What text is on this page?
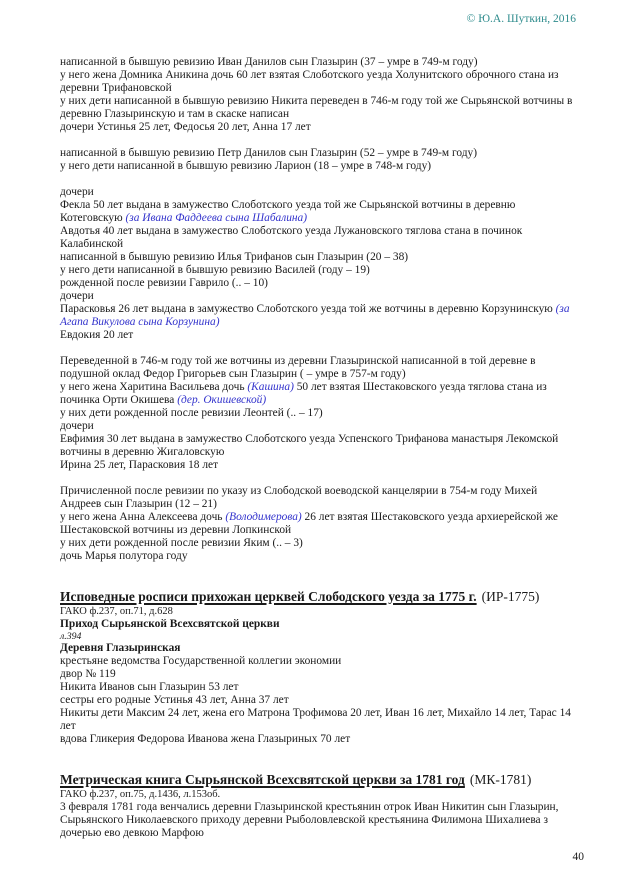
© Ю.А. Шуткин, 2016

написанной в бывшую ревизию Иван Данилов сын Глазырин (37 – умре в 749-м году)

у него жена Домника Аникина дочь 60 лет взятая Слоботского уезда Холунитского оброчного стана из деревни Трифановской

у них дети написанной в бывшую ревизию Никита переведен в 746-м году той же Сырьянской вотчины в деревню Глазыринскую и там в скаске написан

дочери Устинья 25 лет, Федосья 20 лет, Анна 17 лет

написанной в бывшую ревизию Петр Данилов сын Глазырин (52 – умре в 749-м году)

у него дети написанной в бывшую ревизию Ларион (18 – умре в 748-м году)

дочери

Фекла 50 лет выдана в замужество Слоботского уезда той же Сырьянской вотчины в деревню Котеговскую (за Ивана Фаддеева сына Шабалина)

Авдотья 40 лет выдана в замужество Слоботского уезда Лужановского тяглова стана в починок Калабинской

написанной в бывшую ревизию Илья Трифанов сын Глазырин (20 – 38)

у него дети написанной в бывшую ревизию Василей (году – 19)

рожденной после ревизии Гаврило (.. – 10)

дочери

Парасковья 26 лет выдана в замужество Слоботского уезда той же вотчины в деревню Корзунинскую (за Агапа Викулова сына Корзунина)

Евдокия 20 лет

Переведенной в 746-м году той же вотчины из деревни Глазыринской написанной в той деревне в подушной оклад Федор Григорьев сын Глазырин ( – умре в 757-м году)

у него жена Харитина Васильева дочь (Кашина) 50 лет взятая Шестаковского уезда тяглова стана из починка Орти Окишева (дер. Окишевской)

у них дети рожденной после ревизии Леонтей (.. – 17)

дочери

Евфимия 30 лет выдана в замужество Слоботского уезда Успенского Трифанова манастыря Лекомской вотчины в деревню Жигаловскую

Ирина 25 лет, Парасковия 18 лет

Причисленной после ревизии по указу из Слободской воеводской канцелярии в 754-м году Михей Андреев сын Глазырин (12 – 21)

у него жена Анна Алексеева дочь (Володимерова) 26 лет взятая Шестаковского уезда архиерейской же Шестаковской вотчины из деревни Лопкинской

у них дети рожденной после ревизии Яким (.. – 3)

дочь Марья полутора году

Исповедные росписи прихожан церквей Слободского уезда за 1775 г. (ИР-1775)

ГАКО ф.237, оп.71, д.628

Приход Сырьянской Всехсвятской церкви

л.394

Деревня Глазыринская

крестьяне ведомства Государственной коллегии экономии

двор № 119

Никита Иванов сын Глазырин 53 лет

сестры его родные Устинья 43 лет, Анна 37 лет

Никиты дети Максим 24 лет, жена его Матрона Трофимова 20 лет, Иван 16 лет, Михайло 14 лет, Тарас 14 лет

вдова Гликерия Федорова Иванова жена Глазыриных 70 лет

Метрическая книга Сырьянской Всехсвятской церкви за 1781 год (МК-1781)

ГАКО ф.237, оп.75, д.1436, л.153об.

3 февраля 1781 года венчались деревни Глазыринской крестьянин отрок Иван Никитин сын Глазырин, Сырьянского Николаевского приходу деревни Рыболовлевской крестьянина Филимона Шихалиева з дочерью ево девкою Марфою

40
